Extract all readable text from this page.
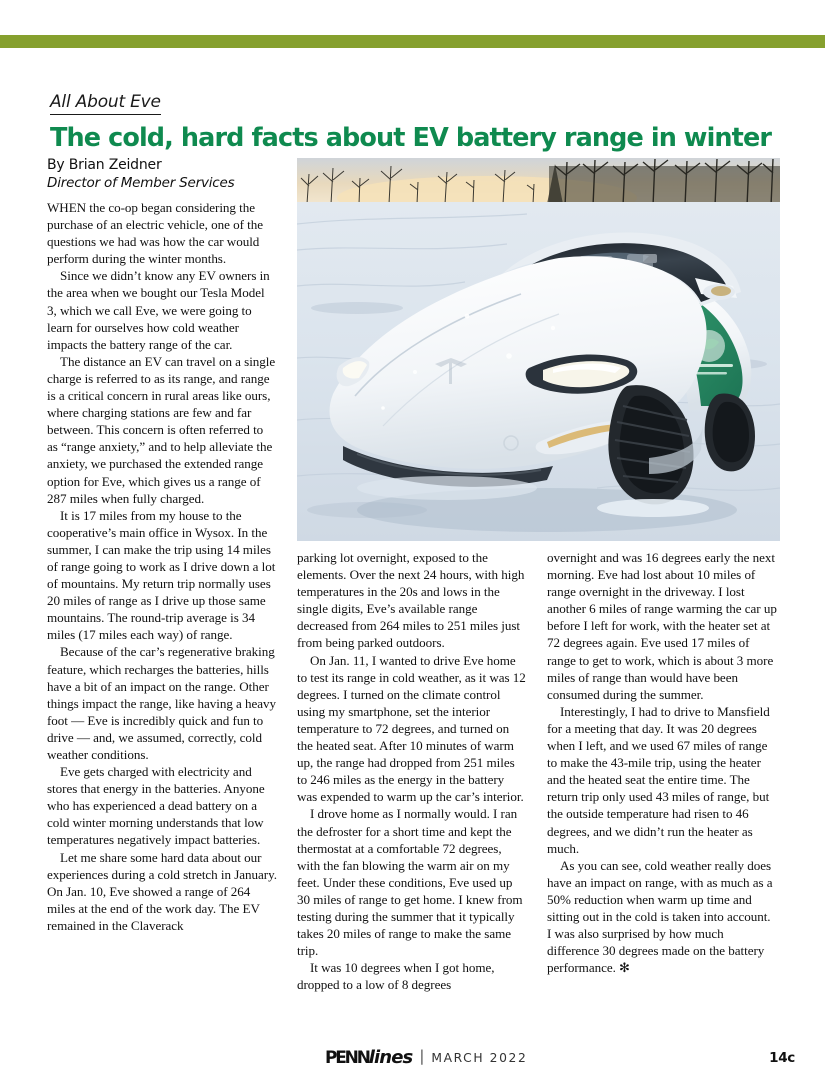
All About Eve
The cold, hard facts about EV battery range in winter
By Brian Zeidner
Director of Member Services

WHEN the co-op began considering the purchase of an electric vehicle, one of the questions we had was how the car would perform during the winter months.

Since we didn’t know any EV owners in the area when we bought our Tesla Model 3, which we call Eve, we were going to learn for ourselves how cold weather impacts the battery range of the car.

The distance an EV can travel on a single charge is referred to as its range, and range is a critical concern in rural areas like ours, where charging stations are few and far between. This concern is often referred to as “range anxiety,” and to help alleviate the anxiety, we purchased the extended range option for Eve, which gives us a range of 287 miles when fully charged.

It is 17 miles from my house to the cooperative’s main office in Wysox. In the summer, I can make the trip using 14 miles of range going to work as I drive down a lot of mountains. My return trip normally uses 20 miles of range as I drive up those same mountains. The round-trip average is 34 miles (17 miles each way) of range.

Because of the car’s regenerative braking feature, which recharges the batteries, hills have a bit of an impact on the range. Other things impact the range, like having a heavy foot — Eve is incredibly quick and fun to drive — and, we assumed, correctly, cold weather conditions.

Eve gets charged with electricity and stores that energy in the batteries. Anyone who has experienced a dead battery on a cold winter morning understands that low temperatures negatively impact batteries.

Let me share some hard data about our experiences during a cold stretch in January. On Jan. 10, Eve showed a range of 264 miles at the end of the work day. The EV remained in the Claverack

parking lot overnight, exposed to the elements. Over the next 24 hours, with high temperatures in the 20s and lows in the single digits, Eve’s available range decreased from 264 miles to 251 miles just from being parked outdoors.

On Jan. 11, I wanted to drive Eve home to test its range in cold weather, as it was 12 degrees. I turned on the climate control using my smartphone, set the interior temperature to 72 degrees, and turned on the heated seat. After 10 minutes of warm up, the range had dropped from 251 miles to 246 miles as the energy in the battery was expended to warm up the car’s interior.

I drove home as I normally would. I ran the defroster for a short time and kept the thermostat at a comfortable 72 degrees, with the fan blowing the warm air on my feet. Under these conditions, Eve used up 30 miles of range to get home. I knew from testing during the summer that it typically takes 20 miles of range to make the same trip.

It was 10 degrees when I got home, dropped to a low of 8 degrees

overnight and was 16 degrees early the next morning. Eve had lost about 10 miles of range overnight in the driveway. I lost another 6 miles of range warming the car up before I left for work, with the heater set at 72 degrees again. Eve used 17 miles of range to get to work, which is about 3 more miles of range than would have been consumed during the summer.

Interestingly, I had to drive to Mansfield for a meeting that day. It was 20 degrees when I left, and we used 67 miles of range to make the 43-mile trip, using the heater and the heated seat the entire time. The return trip only used 43 miles of range, but the outside temperature had risen to 46 degrees, and we didn’t run the heater as much.

As you can see, cold weather really does have an impact on range, with as much as a 50% reduction when warm up time and sitting out in the cold is taken into account. I was also surprised by how much difference 30 degrees made on the battery performance. ✻

PENNlines | MARCH 2022	14c
